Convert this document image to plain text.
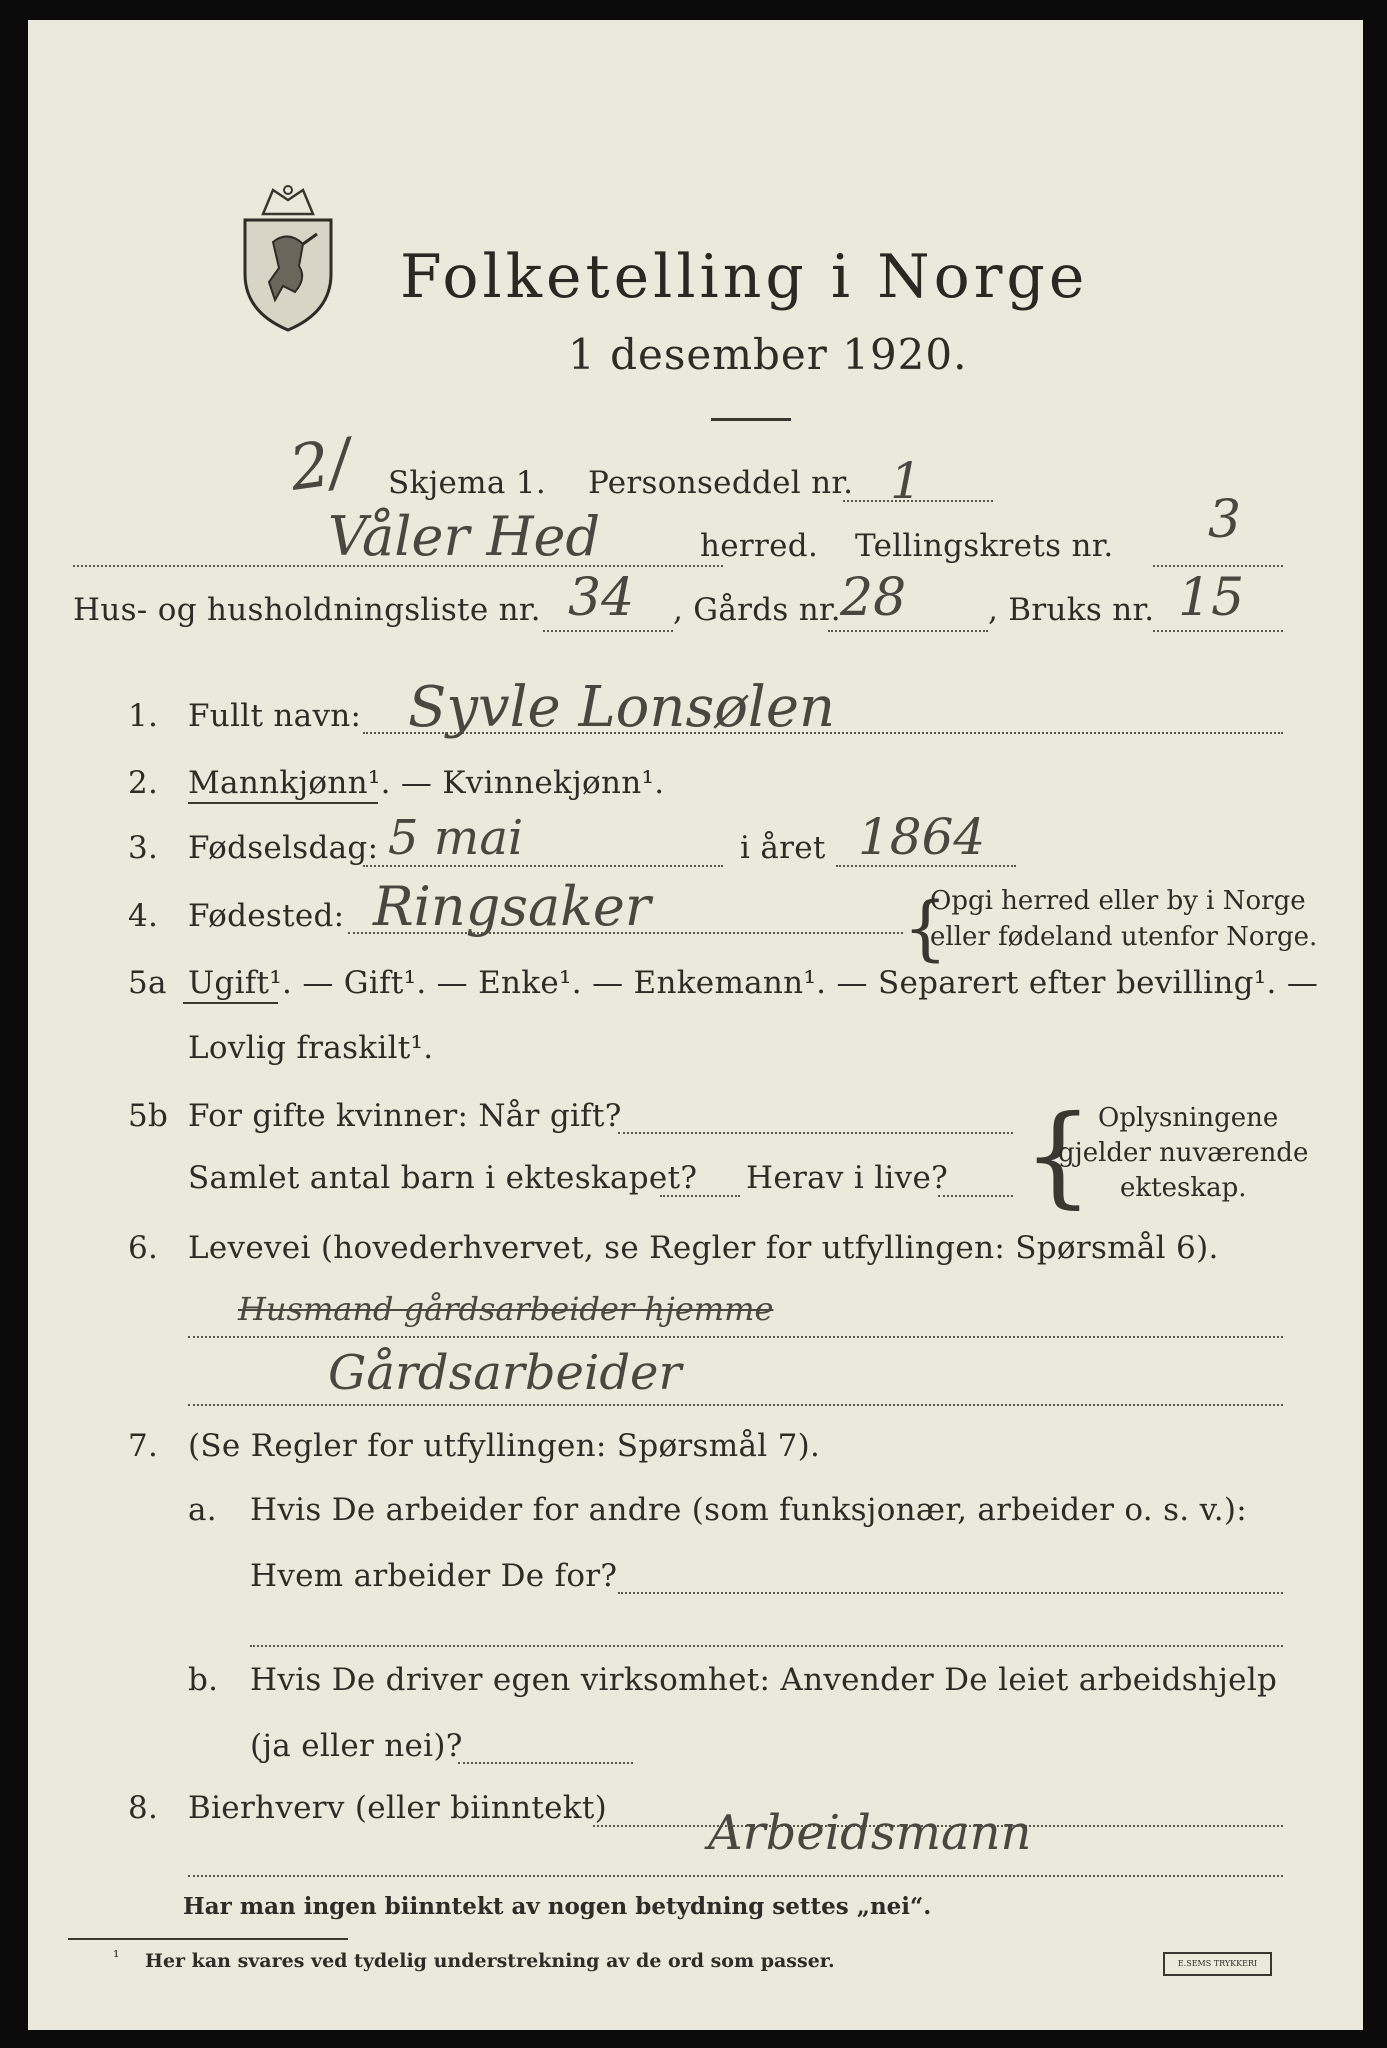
Folketelling i Norge
1 desember 1920.
2/ Skjema 1. Personseddel nr. 1
Våler Hed	herred. Tellingskrets nr. 3
Hus- og husholdningsliste nr. 34 , Gårds nr. 28	, Bruks nr. 15
1. Fullt navn: Syvle Lonsølen
2. Mannkjønn¹. — Kvinnekjønn¹.
3. Fødselsdag: 5 mai	i året 1864
4. Fødested: Ringsaker	{
Opgi herred eller by i Norge
eller fødeland utenfor Norge.
5a Ugift¹. — Gift¹. — Enke¹. — Enkemann¹. — Separert efter bevilling¹. —
Lovlig fraskilt¹.
5b For gifte kvinner: Når gift?
Samlet antal barn i ekteskapet? Herav i live? { Oplysningene
gjelder nuværende
ekteskap.
6. Levevei (hovederhvervet, se Regler for utfyllingen: Spørsmål 6).
Husmand gårdsarbeider hjemme
Gårdsarbeider
7. (Se Regler for utfyllingen: Spørsmål 7).
a. Hvis De arbeider for andre (som funksjonær, arbeider o. s. v.):
Hvem arbeider De for?
b. Hvis De driver egen virksomhet: Anvender De leiet arbeidshjelp
(ja eller nei)?
8. Bierhverv (eller biinntekt) Arbeidsmann
Har man ingen biinntekt av nogen betydning settes „nei“.
¹ Her kan svares ved tydelig understrekning av de ord som passer.	E.SEMS TRYKKERI
